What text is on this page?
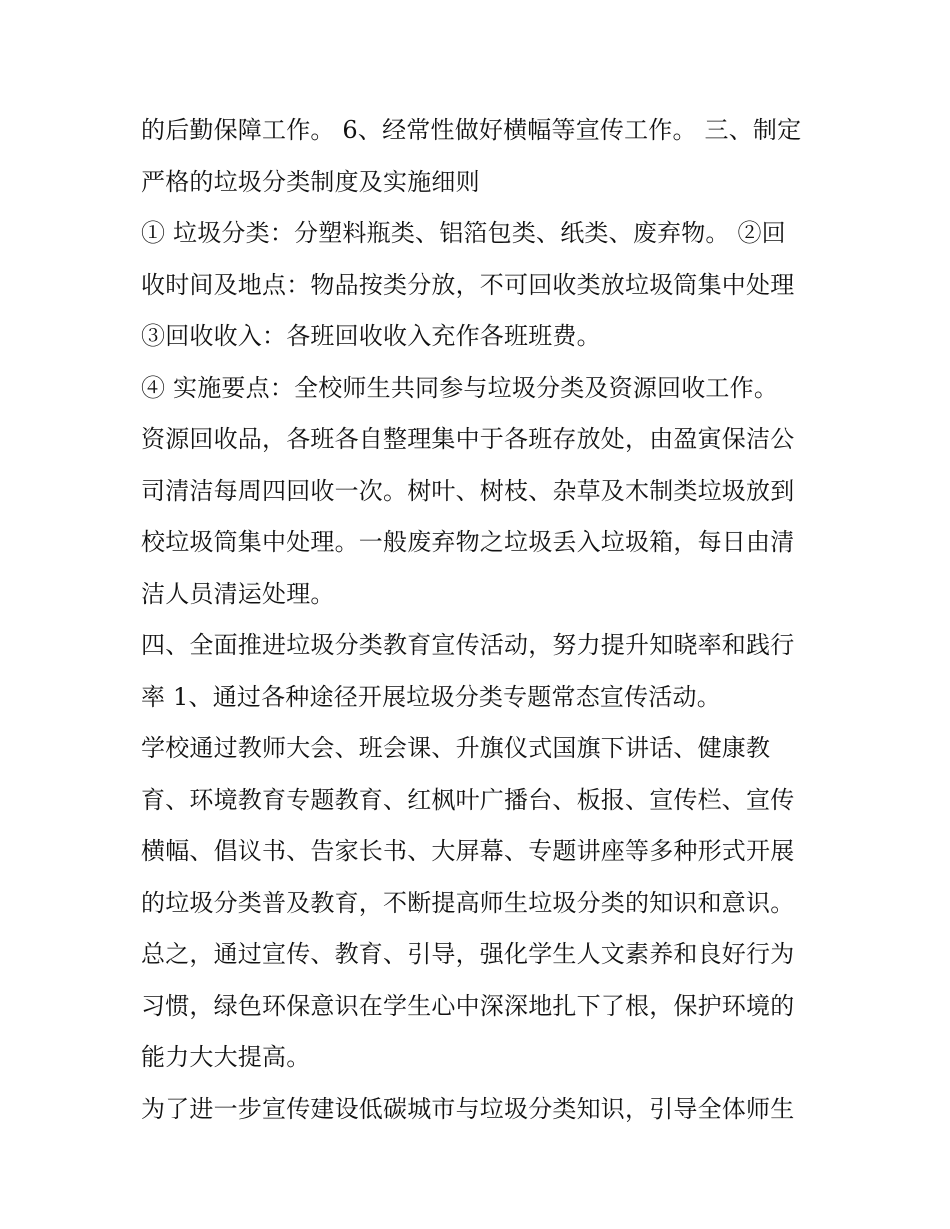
的后勤保障工作。 6、经常性做好横幅等宣传工作。 三、制定
严格的垃圾分类制度及实施细则
① 垃圾分类：分塑料瓶类、铝箔包类、纸类、废弃物。 ②回
收时间及地点：物品按类分放，不可回收类放垃圾筒集中处理
③回收收入：各班回收收入充作各班班费。
④ 实施要点：全校师生共同参与垃圾分类及资源回收工作。
资源回收品，各班各自整理集中于各班存放处，由盈寅保洁公
司清洁每周四回收一次。树叶、树枝、杂草及木制类垃圾放到
校垃圾筒集中处理。一般废弃物之垃圾丢入垃圾箱，每日由清
洁人员清运处理。
四、全面推进垃圾分类教育宣传活动，努力提升知晓率和践行
率 1、通过各种途径开展垃圾分类专题常态宣传活动。
学校通过教师大会、班会课、升旗仪式国旗下讲话、健康教
育、环境教育专题教育、红枫叶广播台、板报、宣传栏、宣传
横幅、倡议书、告家长书、大屏幕、专题讲座等多种形式开展
的垃圾分类普及教育，不断提高师生垃圾分类的知识和意识。
总之，通过宣传、教育、引导，强化学生人文素养和良好行为
习惯，绿色环保意识在学生心中深深地扎下了根，保护环境的
能力大大提高。
为了进一步宣传建设低碳城市与垃圾分类知识，引导全体师生
